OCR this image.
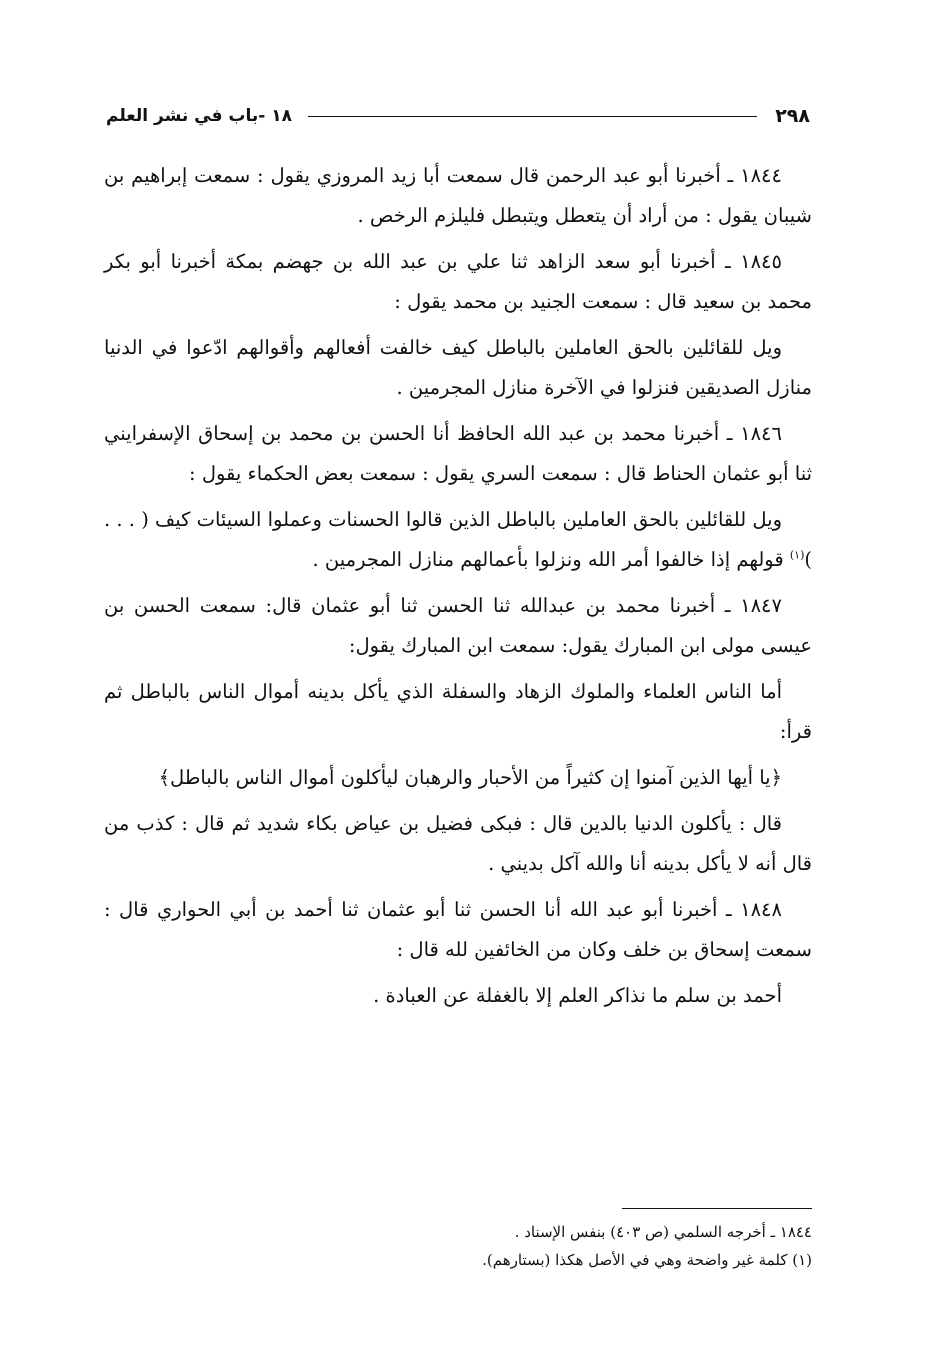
٢٩٨
١٨ -باب في نشر العلم

١٨٤٤ ـ أخبرنا أبو عبد الرحمن قال سمعت أبا زيد المروزي يقول : سمعت إبراهيم بن شيبان يقول : من أراد أن يتعطل ويتبطل فليلزم الرخص .

١٨٤٥ ـ أخبرنا أبو سعد الزاهد ثنا علي بن عبد الله بن جهضم بمكة أخبرنا أبو بكر محمد بن سعيد قال : سمعت الجنيد بن محمد يقول :

ويل للقائلين بالحق العاملين بالباطل كيف خالفت أفعالهم وأقوالهم ادّعوا في الدنيا منازل الصديقين فنزلوا في الآخرة منازل المجرمين .

١٨٤٦ ـ أخبرنا محمد بن عبد الله الحافظ أنا الحسن بن محمد بن إسحاق الإسفرايني ثنا أبو عثمان الحناط قال : سمعت السري يقول : سمعت بعض الحكماء يقول :

ويل للقائلين بالحق العاملين بالباطل الذين قالوا الحسنات وعملوا السيئات كيف ( . . . )$^{(١)}$ قولهم إذا خالفوا أمر الله ونزلوا بأعمالهم منازل المجرمين .

١٨٤٧ ـ أخبرنا محمد بن عبدالله ثنا الحسن ثنا أبو عثمان قال: سمعت الحسن بن عيسى مولى ابن المبارك يقول: سمعت ابن المبارك يقول:

أما الناس العلماء والملوك الزهاد والسفلة الذي يأكل بدينه أموال الناس بالباطل ثم قرأ:

﴿يا أيها الذين آمنوا إن كثيراً من الأحبار والرهبان ليأكلون أموال الناس بالباطل﴾

قال : يأكلون الدنيا بالدين قال : فبكى فضيل بن عياض بكاء شديد ثم قال : كذب من قال أنه لا يأكل بدينه أنا والله آكل بديني .

١٨٤٨ ـ أخبرنا أبو عبد الله أنا الحسن ثنا أبو عثمان ثنا أحمد بن أبي الحواري قال : سمعت إسحاق بن خلف وكان من الخائفين لله قال :

أحمد بن سلم ما نذاكر العلم إلا بالغفلة عن العبادة .

١٨٤٤ ـ أخرجه السلمي (ص ٤٠٣) بنفس الإسناد .

(١) كلمة غير واضحة وهي في الأصل هكذا (بستارهم).
